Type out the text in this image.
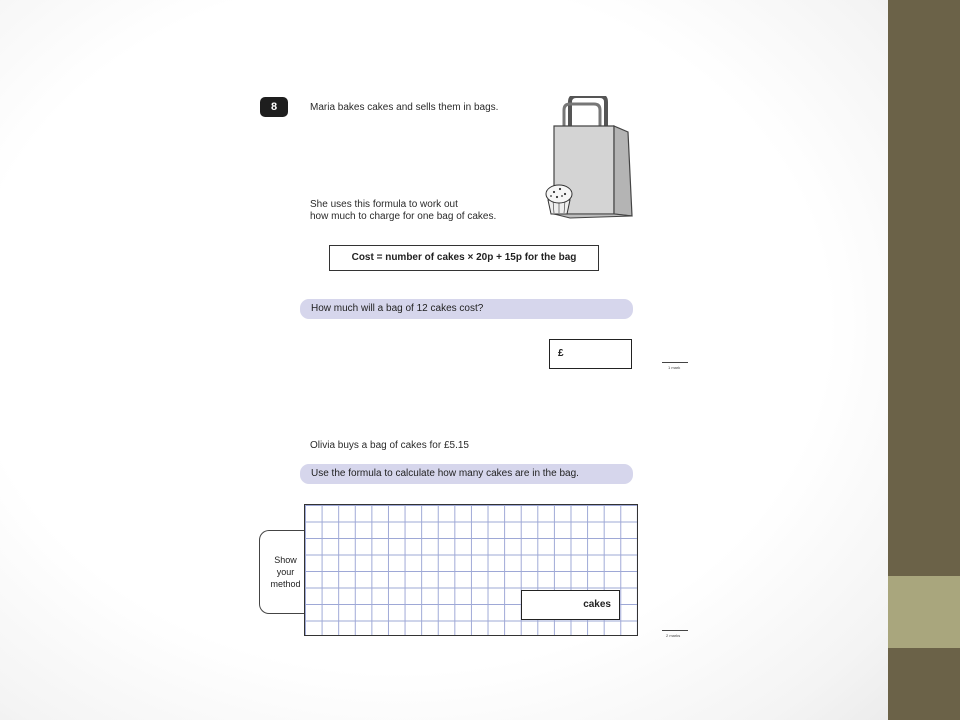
8	Maria bakes cakes and sells them in bags.
She uses this formula to work out
how much to charge for one bag of cakes.
Cost = number of cakes × 20p + 15p for the bag
How much will a bag of 12 cakes cost?
£
1 mark
Olivia buys a bag of cakes for £5.15
Use the formula to calculate how many cakes are in the bag.
Show
your
method
cakes
2 marks
